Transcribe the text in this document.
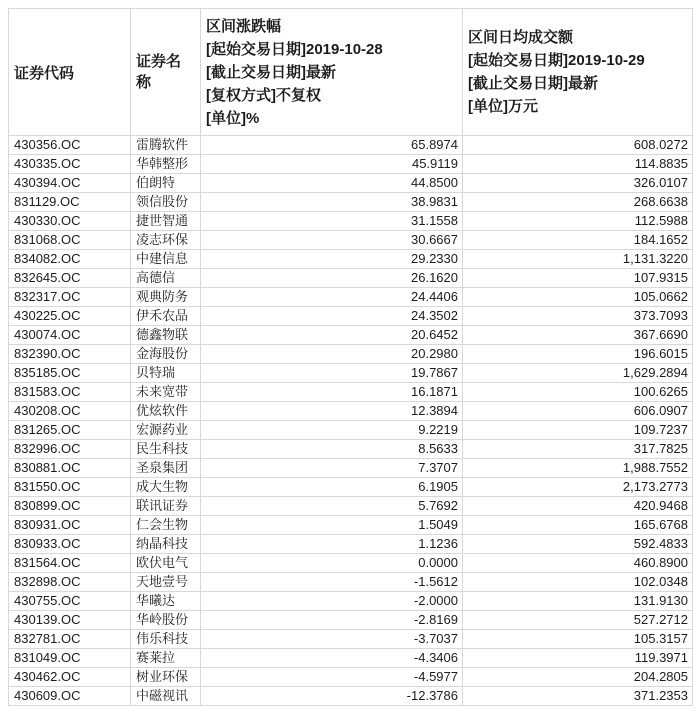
证券代码
证券名称
区间涨跌幅
[起始交易日期]2019-10-28
[截止交易日期]最新
[复权方式]不复权
[单位]%
区间日均成交额
[起始交易日期]2019-10-29
[截止交易日期]最新
[单位]万元
430356.OC	雷腾软件	65.8974	608.0272
430335.OC	华韩整形	45.9119	114.8835
430394.OC	伯朗特	44.8500	326.0107
831129.OC	领信股份	38.9831	268.6638
430330.OC	捷世智通	31.1558	112.5988
831068.OC	凌志环保	30.6667	184.1652
834082.OC	中建信息	29.2330	1,131.3220
832645.OC	高德信	26.1620	107.9315
832317.OC	观典防务	24.4406	105.0662
430225.OC	伊禾农品	24.3502	373.7093
430074.OC	德鑫物联	20.6452	367.6690
832390.OC	金海股份	20.2980	196.6015
835185.OC	贝特瑞	19.7867	1,629.2894
831583.OC	未来宽带	16.1871	100.6265
430208.OC	优炫软件	12.3894	606.0907
831265.OC	宏源药业	9.2219	109.7237
832996.OC	民生科技	8.5633	317.7825
830881.OC	圣泉集团	7.3707	1,988.7552
831550.OC	成大生物	6.1905	2,173.2773
830899.OC	联讯证券	5.7692	420.9468
830931.OC	仁会生物	1.5049	165.6768
830933.OC	纳晶科技	1.1236	592.4833
831564.OC	欧伏电气	0.0000	460.8900
832898.OC	天地壹号	-1.5612	102.0348
430755.OC	华曦达	-2.0000	131.9130
430139.OC	华岭股份	-2.8169	527.2712
832781.OC	伟乐科技	-3.7037	105.3157
831049.OC	赛莱拉	-4.3406	119.3971
430462.OC	树业环保	-4.5977	204.2805
430609.OC	中磁视讯	-12.3786	371.2353
